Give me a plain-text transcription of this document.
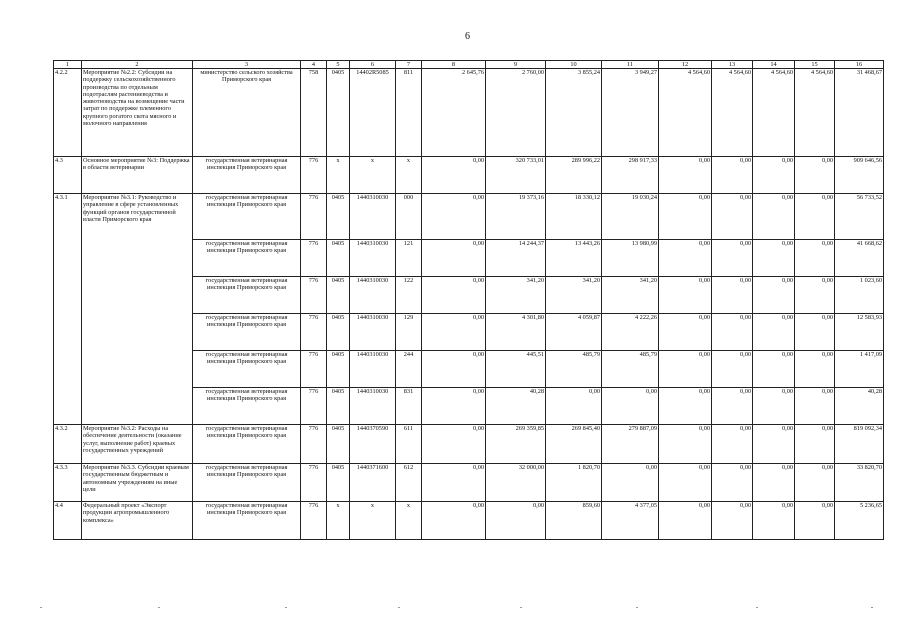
6
1	2	3	4	5	6	7	8	9	10	11	12	13	14	15	16
4.2.2	Мероприятие №2.2: Субсидии на поддержку сельскохозяйственного производства по отдельным подотраслям растениеводства и животноводства на возмещение части затрат по поддержке племенного крупного рогатого скота мясного и молочного направления	министерство сельского хозяйства Приморского края	758	0405	14402R5085	811	2 645,76	2 760,00	3 855,24	3 949,27	4 564,60	4 564,60	4 564,60	4 564,60	31 468,67
4.3	Основное мероприятие №3: Поддержка в области ветеринарии	государственная ветеринарная инспекция Приморского края	776	x	x	x	0,00	320 733,01	289 996,22	298 917,33	0,00	0,00	0,00	0,00	909 646,56
4.3.1	Мероприятие №3.1: Руководство и управление в сфере установленных функций органов государственной власти Приморского края	государственная ветеринарная инспекция Приморского края	776	0405	1440310030	000	0,00	19 373,16	18 330,12	19 030,24	0,00	0,00	0,00	0,00	56 733,52
		государственная ветеринарная инспекция Приморского края	776	0405	1440310030	121	0,00	14 244,37	13 443,26	13 980,99	0,00	0,00	0,00	0,00	41 668,62
		государственная ветеринарная инспекция Приморского края	776	0405	1440310030	122	0,00	341,20	341,20	341,20	0,00	0,00	0,00	0,00	1 023,60
		государственная ветеринарная инспекция Приморского края	776	0405	1440310030	129	0,00	4 301,80	4 059,87	4 222,26	0,00	0,00	0,00	0,00	12 583,93
		государственная ветеринарная инспекция Приморского края	776	0405	1440310030	244	0,00	445,51	485,79	485,79	0,00	0,00	0,00	0,00	1 417,09
		государственная ветеринарная инспекция Приморского края	776	0405	1440310030	831	0,00	40,28	0,00	0,00	0,00	0,00	0,00	0,00	40,28
4.3.2	Мероприятие №3.2: Расходы на обеспечение деятельности (оказание услуг, выполнение работ) краевых государственных учреждений	государственная ветеринарная инспекция Приморского края	776	0405	1440370590	611	0,00	269 359,85	269 845,40	279 887,09	0,00	0,00	0,00	0,00	819 092,34
4.3.3	Мероприятие №3.3. Субсидии краевым государственным бюджетным и автономным учреждениям на иные цели	государственная ветеринарная инспекция Приморского края	776	0405	1440371600	612	0,00	32 000,00	1 820,70	0,00	0,00	0,00	0,00	0,00	33 820,70
4.4	Федеральный проект «Экспорт продукции агропромышленного комплекса»	государственная ветеринарная инспекция Приморского края	776	x	x	x	0,00	0,00	859,60	4 377,05	0,00	0,00	0,00	0,00	5 236,65
